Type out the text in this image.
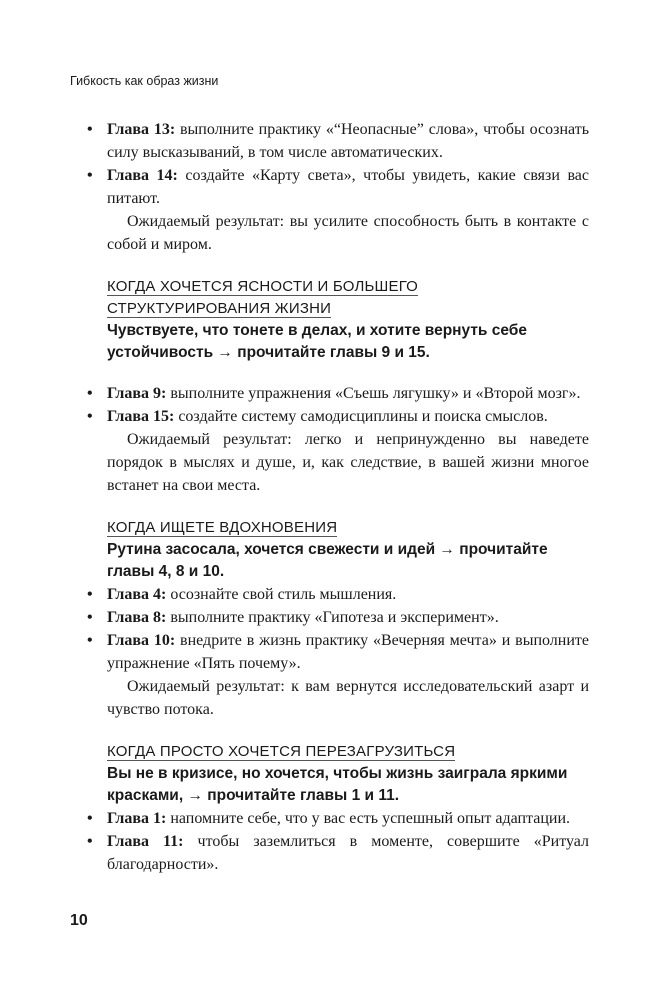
Гибкость как образ жизни
• Глава 13: выполните практику «“Неопасные” слова», чтобы осознать силу высказываний, в том числе автоматических.
• Глава 14: создайте «Карту света», чтобы увидеть, какие связи вас питают.

Ожидаемый результат: вы усилите способность быть в контакте с собой и миром.

КОГДА ХОЧЕТСЯ ЯСНОСТИ И БОЛЬШЕГО
СТРУКТУРИРОВАНИЯ ЖИЗНИ
Чувствуете, что тонете в делах, и хотите вернуть себе устойчивость → прочитайте главы 9 и 15.
• Глава 9: выполните упражнения «Съешь лягушку» и «Второй мозг».
• Глава 15: создайте систему самодисциплины и поиска смыслов.

Ожидаемый результат: легко и непринужденно вы наведете порядок в мыслях и душе, и, как следствие, в вашей жизни многое встанет на свои места.

КОГДА ИЩЕТЕ ВДОХНОВЕНИЯ
Рутина засосала, хочется свежести и идей → прочитайте главы 4, 8 и 10.
• Глава 4: осознайте свой стиль мышления.
• Глава 8: выполните практику «Гипотеза и эксперимент».
• Глава 10: внедрите в жизнь практику «Вечерняя мечта» и выполните упражнение «Пять почему».

Ожидаемый результат: к вам вернутся исследовательский азарт и чувство потока.

КОГДА ПРОСТО ХОЧЕТСЯ ПЕРЕЗАГРУЗИТЬСЯ
Вы не в кризисе, но хочется, чтобы жизнь заиграла яркими красками, → прочитайте главы 1 и 11.
• Глава 1: напомните себе, что у вас есть успешный опыт адаптации.
• Глава 11: чтобы заземлиться в моменте, совершите «Ритуал благодарности».
10
